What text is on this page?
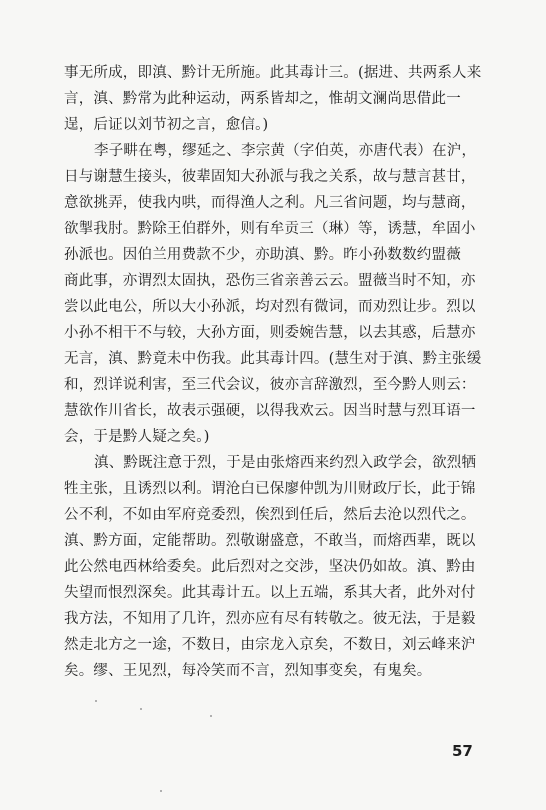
事无所成，即滇、黔计无所施。此其毒计三。(据进、共两系人来
言，滇、黔常为此种运动，两系皆却之，惟胡文澜尚思借此一
逞，后证以刘节初之言，愈信。)

李子畊在粤，缪延之、李宗黄（字伯英，亦唐代表）在沪，
日与谢慧生接头，彼辈固知大孙派与我之关系，故与慧言甚甘，
意欲挑弄，使我内哄，而得渔人之利。凡三省问题，均与慧商，
欲掣我肘。黔除王伯群外，则有牟贡三（琳）等，诱慧，牟固小
孙派也。因伯兰用费款不少，亦助滇、黔。昨小孙数数约盟薇
商此事，亦谓烈太固执，恐伤三省亲善云云。盟薇当时不知，亦
尝以此电公，所以大小孙派，均对烈有微词，而劝烈让步。烈以
小孙不相干不与较，大孙方面，则委婉告慧，以去其惑，后慧亦
无言，滇、黔竟未中伤我。此其毒计四。(慧生对于滇、黔主张缓
和，烈详说利害，至三代会议，彼亦言辞激烈，至今黔人则云：
慧欲作川省长，故表示强硬，以得我欢云。因当时慧与烈耳语一
会，于是黔人疑之矣。)

滇、黔既注意于烈，于是由张熔西来约烈入政学会，欲烈牺
牲主张，且诱烈以利。谓沧白已保廖仲凯为川财政厅长，此于锦
公不利，不如由军府竞委烈，俟烈到任后，然后去沧以烈代之。
滇、黔方面，定能帮助。烈敬谢盛意，不敢当，而熔西辈，既以
此公然电西林给委矣。此后烈对之交涉，坚决仍如故。滇、黔由
失望而恨烈深矣。此其毒计五。以上五端，系其大者，此外对付
我方法，不知用了几许，烈亦应有尽有转敬之。彼无法，于是毅
然走北方之一途，不数日，由宗龙入京矣，不数日，刘云峰来沪
矣。缪、王见烈，每冷笑而不言，烈知事变矣，有鬼矣。

57
